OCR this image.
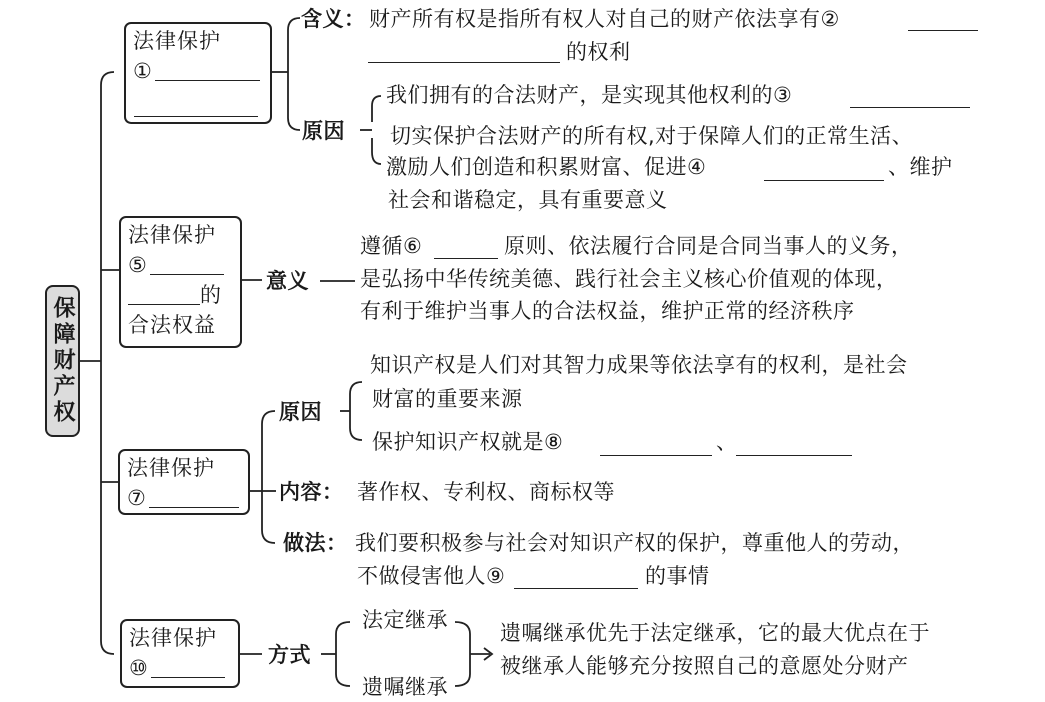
保障财产权
法律保护
①
含义： 财产所有权是指所有权人对自己的财产依法享有②
的权利
原因
我们拥有的合法财产，是实现其他权利的③
切实保护合法财产的所有权,对于保障人们的正常生活、
激励人们创造和积累财富、促进④	、维护
社会和谐稳定，具有重要意义
法律保护
⑤
的
合法权益
意义
遵循⑥	原则、依法履行合同是合同当事人的义务，
是弘扬中华传统美德、践行社会主义核心价值观的体现，
有利于维护当事人的合法权益，维护正常的经济秩序
法律保护
⑦
原因
知识产权是人们对其智力成果等依法享有的权利，是社会
财富的重要来源
保护知识产权就是⑧	、
内容： 著作权、专利权、商标权等
做法： 我们要积极参与社会对知识产权的保护，尊重他人的劳动，
不做侵害他人⑨	的事情
法律保护
⑩
方式
法定继承
遗嘱继承
遗嘱继承优先于法定继承，它的最大优点在于
被继承人能够充分按照自己的意愿处分财产
